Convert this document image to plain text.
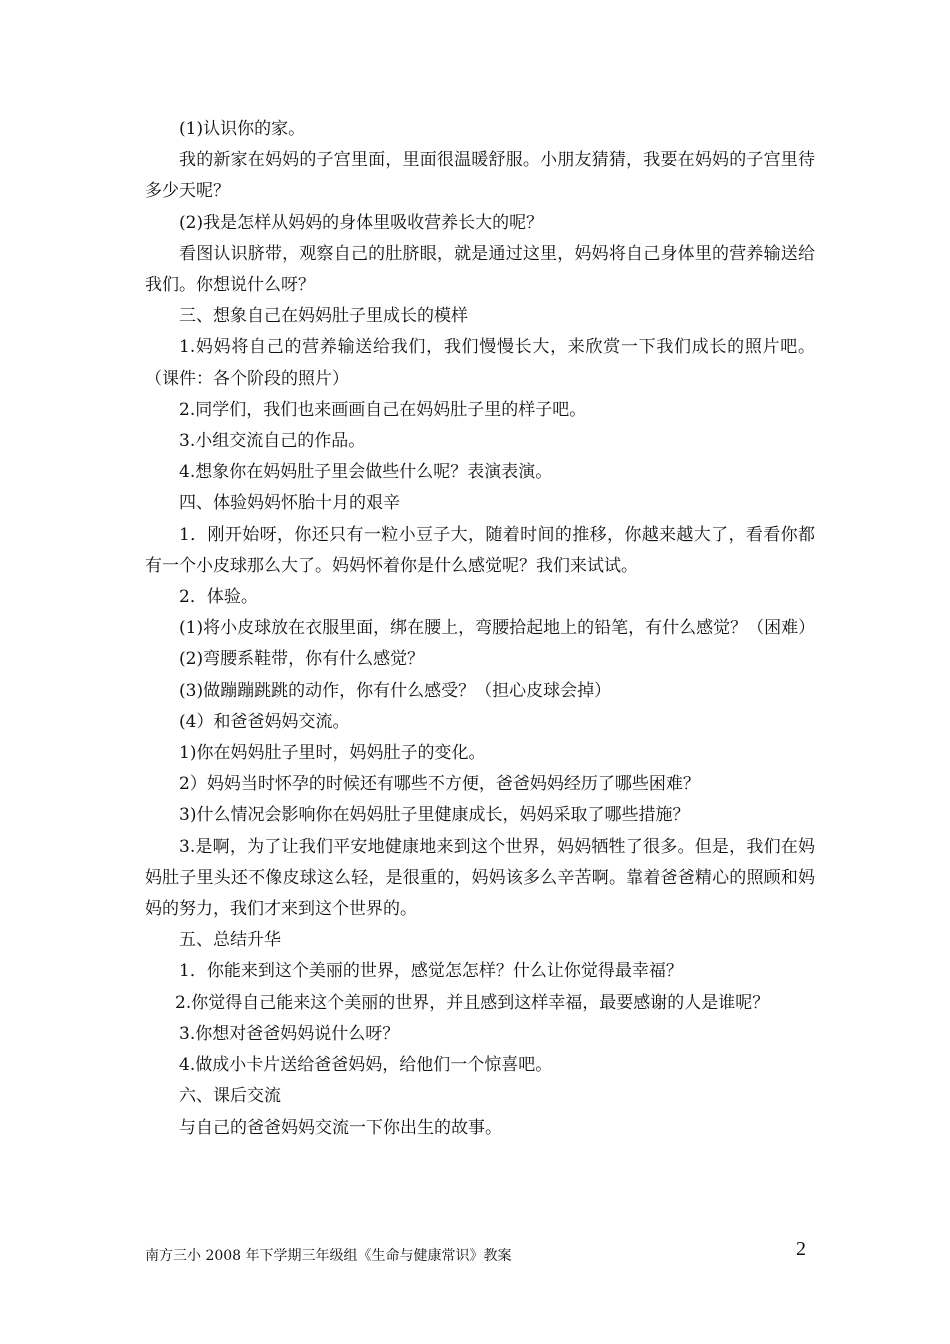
(1)认识你的家。

我的新家在妈妈的子宫里面，里面很温暖舒服。小朋友猜猜，我要在妈妈的子宫里待多少天呢？

(2)我是怎样从妈妈的身体里吸收营养长大的呢？

看图认识脐带，观察自己的肚脐眼，就是通过这里，妈妈将自己身体里的营养输送给我们。你想说什么呀？

三、想象自己在妈妈肚子里成长的模样

1.妈妈将自己的营养输送给我们，我们慢慢长大，来欣赏一下我们成长的照片吧。（课件：各个阶段的照片）

2.同学们，我们也来画画自己在妈妈肚子里的样子吧。

3.小组交流自己的作品。

4.想象你在妈妈肚子里会做些什么呢？表演表演。

四、体验妈妈怀胎十月的艰辛

1．刚开始呀，你还只有一粒小豆子大，随着时间的推移，你越来越大了，看看你都有一个小皮球那么大了。妈妈怀着你是什么感觉呢？我们来试试。

2．体验。

(1)将小皮球放在衣服里面，绑在腰上，弯腰拾起地上的铅笔，有什么感觉？（困难）

(2)弯腰系鞋带，你有什么感觉？

(3)做蹦蹦跳跳的动作，你有什么感受？（担心皮球会掉）

(4）和爸爸妈妈交流。

1)你在妈妈肚子里时，妈妈肚子的变化。

2）妈妈当时怀孕的时候还有哪些不方便，爸爸妈妈经历了哪些困难？

3)什么情况会影响你在妈妈肚子里健康成长，妈妈采取了哪些措施？

3.是啊，为了让我们平安地健康地来到这个世界，妈妈牺牲了很多。但是，我们在妈妈肚子里头还不像皮球这么轻，是很重的，妈妈该多么辛苦啊。靠着爸爸精心的照顾和妈妈的努力，我们才来到这个世界的。

五、总结升华

1．你能来到这个美丽的世界，感觉怎怎样？什么让你觉得最幸福？

2.你觉得自己能来这个美丽的世界，并且感到这样幸福，最要感谢的人是谁呢？

3.你想对爸爸妈妈说什么呀？

4.做成小卡片送给爸爸妈妈，给他们一个惊喜吧。

六、课后交流

与自己的爸爸妈妈交流一下你出生的故事。

南方三小 2008 年下学期三年级组《生命与健康常识》教案	2
